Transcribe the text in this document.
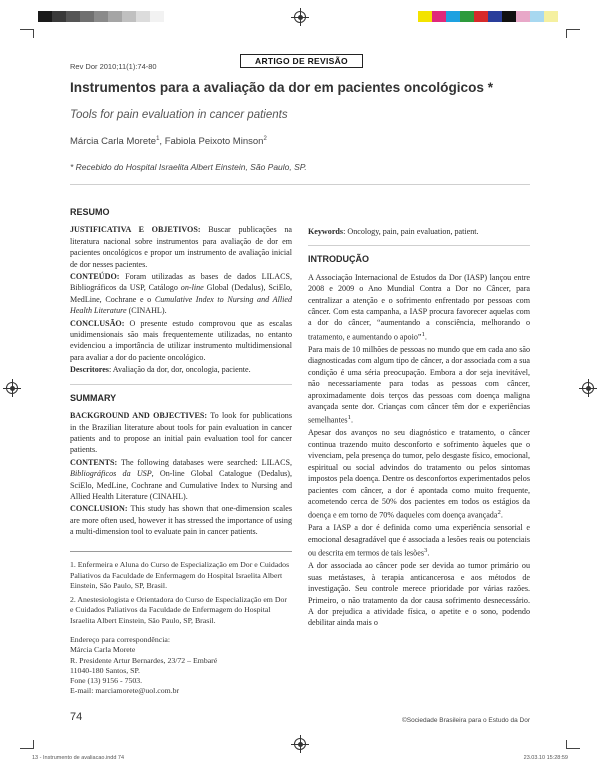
Rev Dor 2010;11(1):74-80
ARTIGO DE REVISÃO
Instrumentos para a avaliação da dor em pacientes oncológicos *
Tools for pain evaluation in cancer patients
Márcia Carla Morete$^1$, Fabiola Peixoto Minson$^2$
* Recebido do Hospital Israelita Albert Einstein, São Paulo, SP.
RESUMO

JUSTIFICATIVA E OBJETIVOS: Buscar publicações na literatura nacional sobre instrumentos para avaliação de dor em pacientes oncológicos e propor um instrumento de avaliação inicial de dor nesses pacientes.

CONTEÚDO: Foram utilizadas as bases de dados LILACS, Bibliográficos da USP, Catálogo on-line Global (Dedalus), SciElo, MedLine, Cochrane e o Cumulative Index to Nursing and Allied Health Literature (CINAHL).

CONCLUSÃO: O presente estudo comprovou que as escalas unidimensionais são mais frequentemente utilizadas, no entanto evidenciou a importância de utilizar instrumento multidimensional para avaliar a dor do paciente oncológico.

Descritores: Avaliação da dor, dor, oncologia, paciente.

SUMMARY

BACKGROUND AND OBJECTIVES: To look for publications in the Brazilian literature about tools for pain evaluation in cancer patients and to propose an initial pain evaluation tool for cancer patients.

CONTENTS: The following databases were searched: LILACS, Bibliográficos da USP, On-line Global Catalogue (Dedalus), SciElo, MedLine, Cochrane and Cumulative Index to Nursing and Allied Health Literature (CINAHL).

CONCLUSION: This study has shown that one-dimension scales are more often used, however it has stressed the importance of using a multi-dimension tool to evaluate pain in cancer patients.

1. Enfermeira e Aluna do Curso de Especialização em Dor e Cuidados Paliativos da Faculdade de Enfermagem do Hospital Israelita Albert Einstein, São Paulo, SP, Brasil.

2. Anestesiologista e Orientadora do Curso de Especialização em Dor e Cuidados Paliativos da Faculdade de Enfermagem do Hospital Israelita Albert Einstein, São Paulo, SP, Brasil.

Endereço para correspondência:
Márcia Carla Morete
R. Presidente Artur Bernardes, 23/72 – Embaré
11040-180 Santos, SP.
Fone (13) 9156 - 7503.
E-mail: marciamorete@uol.com.br

Keywords: Oncology, pain, pain evaluation, patient.

INTRODUÇÃO

A Associação Internacional de Estudos da Dor (IASP) lançou entre 2008 e 2009 o Ano Mundial Contra a Dor no Câncer, para centralizar a atenção e o sofrimento enfrentado por pessoas com câncer. Com esta campanha, a IASP procura favorecer aquelas com a dor do câncer, “aumentando a consciência, melhorando o tratamento, e aumentando o apoio”$^1$.

Para mais de 10 milhões de pessoas no mundo que em cada ano são diagnosticadas com algum tipo de câncer, a dor associada com a sua condição é uma séria preocupação. Embora a dor seja inevitável, não necessariamente para todas as pessoas com câncer, aproximadamente dois terços das pessoas com doença maligna avançada sente dor. Crianças com câncer têm dor e experiências semelhantes$^1$.

Apesar dos avanços no seu diagnóstico e tratamento, o câncer continua trazendo muito desconforto e sofrimento àqueles que o vivenciam, pela presença do tumor, pelo desgaste físico, emocional, espiritual ou social advindos do tratamento ou pelos sintomas impostos pela doença. Dentre os desconfortos experimentados pelos pacientes com câncer, a dor é apontada como muito frequente, acometendo cerca de 50% dos pacientes em todos os estágios da doença e em torno de 70% daqueles com doença avançada$^2$.

Para a IASP a dor é definida como uma experiência sensorial e emocional desagradável que é associada a lesões reais ou potenciais ou descrita em termos de tais lesões$^3$.

A dor associada ao câncer pode ser devida ao tumor primário ou suas metástases, à terapia anticancerosa e aos métodos de investigação. Seu controle merece prioridade por várias razões. Primeiro, o não tratamento da dor causa sofrimento desnecessário. A dor prejudica a atividade física, o apetite e o sono, podendo debilitar ainda mais o

74	©Sociedade Brasileira para o Estudo da Dor
13 - Instrumento de avaliacao.indd 74	23.03.10 15:28:59
